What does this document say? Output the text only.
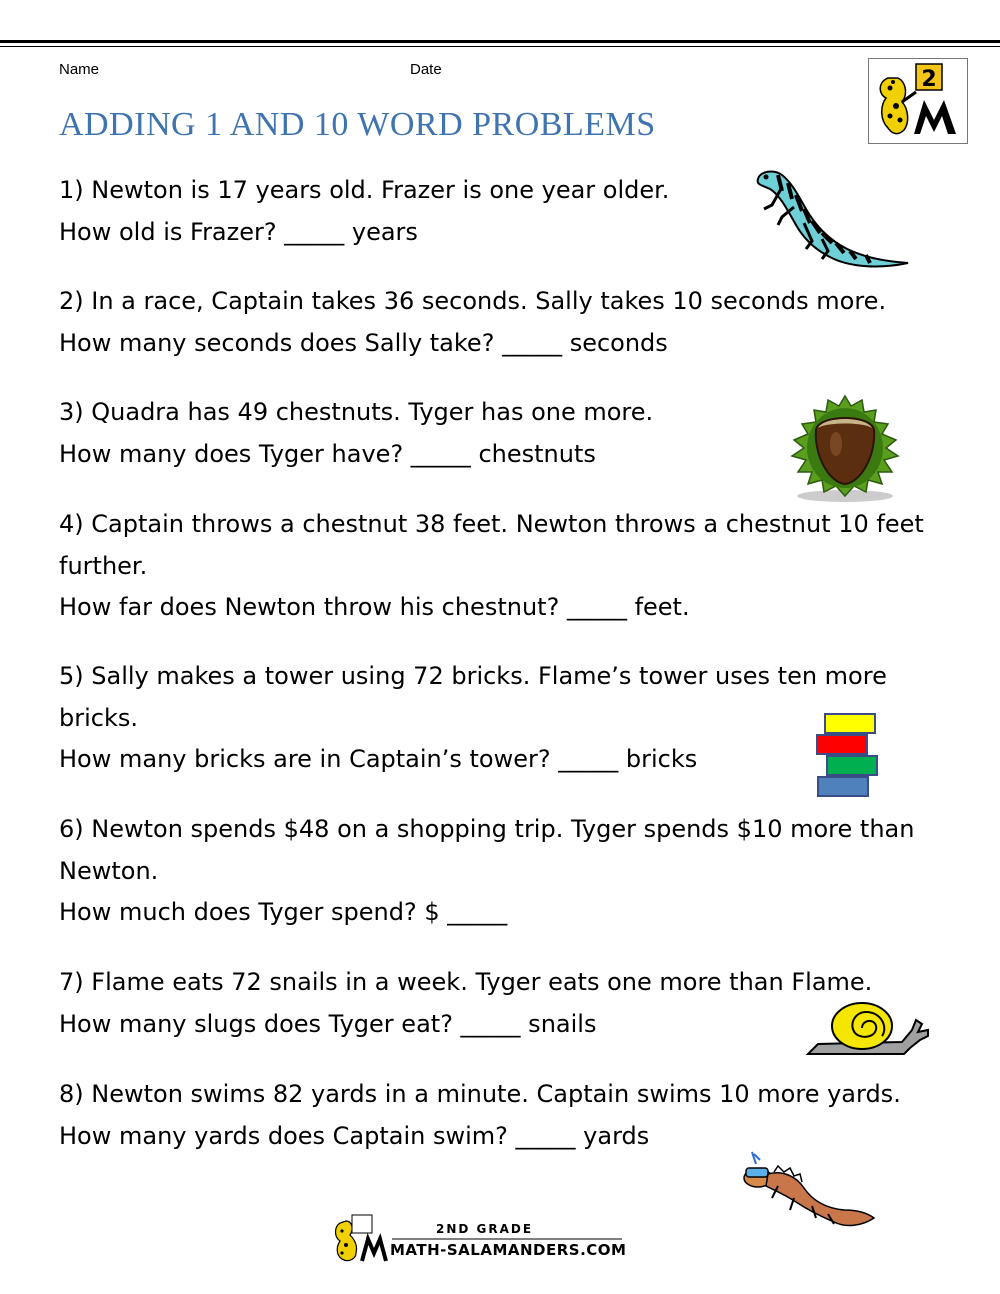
Name	Date
ADDING 1 AND 10 WORD PROBLEMS
2
1) Newton is 17 years old. Frazer is one year older.
How old is Frazer? _____ years
2) In a race, Captain takes 36 seconds. Sally takes 10 seconds more.
How many seconds does Sally take? _____ seconds
3) Quadra has 49 chestnuts. Tyger has one more.
How many does Tyger have? _____ chestnuts
4) Captain throws a chestnut 38 feet. Newton throws a chestnut 10 feet
further.
How far does Newton throw his chestnut? _____ feet.
5) Sally makes a tower using 72 bricks. Flame’s tower uses ten more
bricks.
How many bricks are in Captain’s tower? _____ bricks
6) Newton spends $48 on a shopping trip. Tyger spends $10 more than
Newton.
How much does Tyger spend? $ _____
7) Flame eats 72 snails in a week. Tyger eats one more than Flame.
How many slugs does Tyger eat? _____ snails
8) Newton swims 82 yards in a minute. Captain swims 10 more yards.
How many yards does Captain swim? _____ yards
2ND GRADE
MATH-SALAMANDERS.COM
